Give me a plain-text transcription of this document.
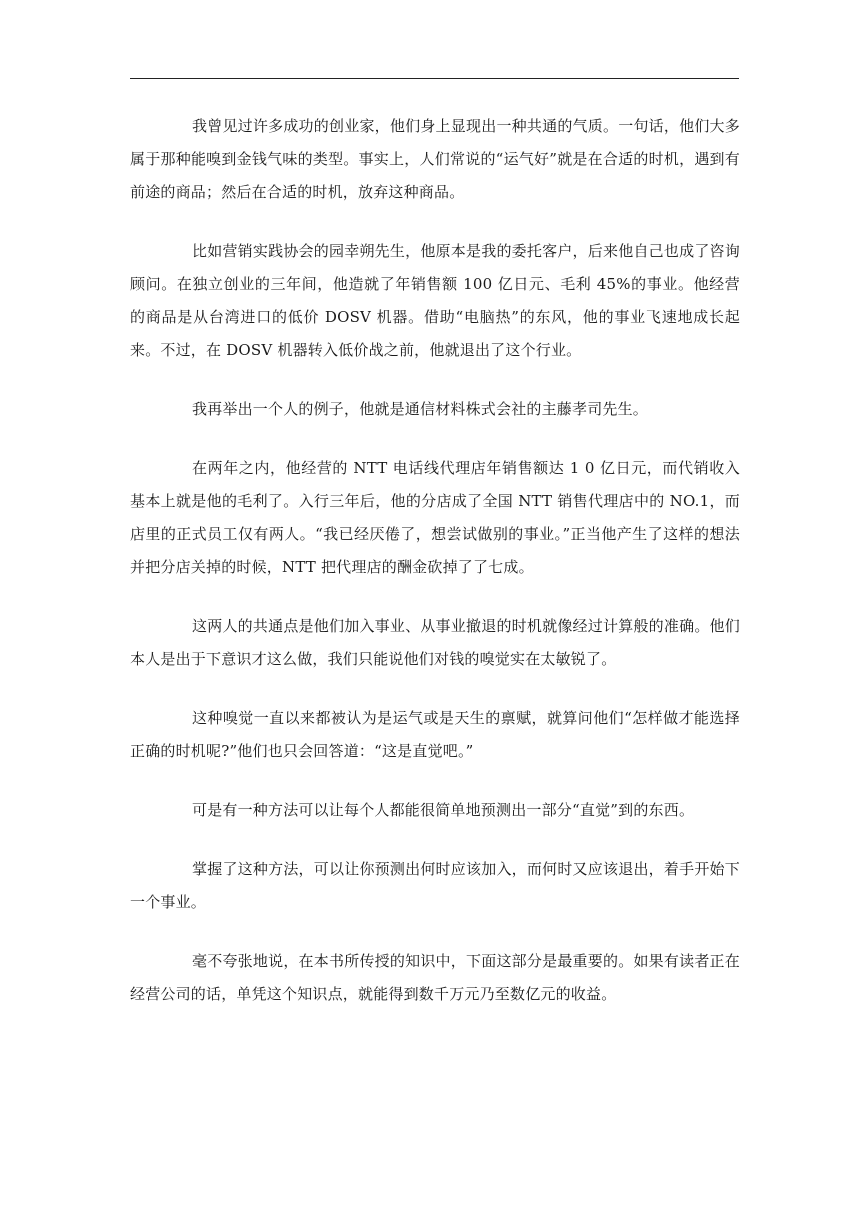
我曾见过许多成功的创业家，他们身上显现出一种共通的气质。一句话，他们大多属于那种能嗅到金钱气味的类型。事实上，人们常说的“运气好”就是在合适的时机，遇到有前途的商品；然后在合适的时机，放弃这种商品。

比如营销实践协会的园幸朔先生，他原本是我的委托客户，后来他自己也成了咨询顾问。在独立创业的三年间，他造就了年销售额 100 亿日元、毛利 45%的事业。他经营的商品是从台湾进口的低价 DOSV 机器。借助“电脑热”的东风，他的事业飞速地成长起来。不过，在 DOSV 机器转入低价战之前，他就退出了这个行业。

我再举出一个人的例子，他就是通信材料株式会社的主藤孝司先生。

在两年之内，他经营的 NTT 电话线代理店年销售额达 1 0 亿日元，而代销收入基本上就是他的毛利了。入行三年后，他的分店成了全国 NTT 销售代理店中的 NO.1，而店里的正式员工仅有两人。“我已经厌倦了，想尝试做别的事业。”正当他产生了这样的想法并把分店关掉的时候，NTT 把代理店的酬金砍掉了了七成。

这两人的共通点是他们加入事业、从事业撤退的时机就像经过计算般的准确。他们本人是出于下意识才这么做，我们只能说他们对钱的嗅觉实在太敏锐了。

这种嗅觉一直以来都被认为是运气或是天生的禀赋，就算问他们“怎样做才能选择正确的时机呢?”他们也只会回答道：“这是直觉吧。”

可是有一种方法可以让每个人都能很简单地预测出一部分“直觉”到的东西。

掌握了这种方法，可以让你预测出何时应该加入，而何时又应该退出，着手开始下一个事业。

毫不夸张地说，在本书所传授的知识中，下面这部分是最重要的。如果有读者正在经营公司的话，单凭这个知识点，就能得到数千万元乃至数亿元的收益。
